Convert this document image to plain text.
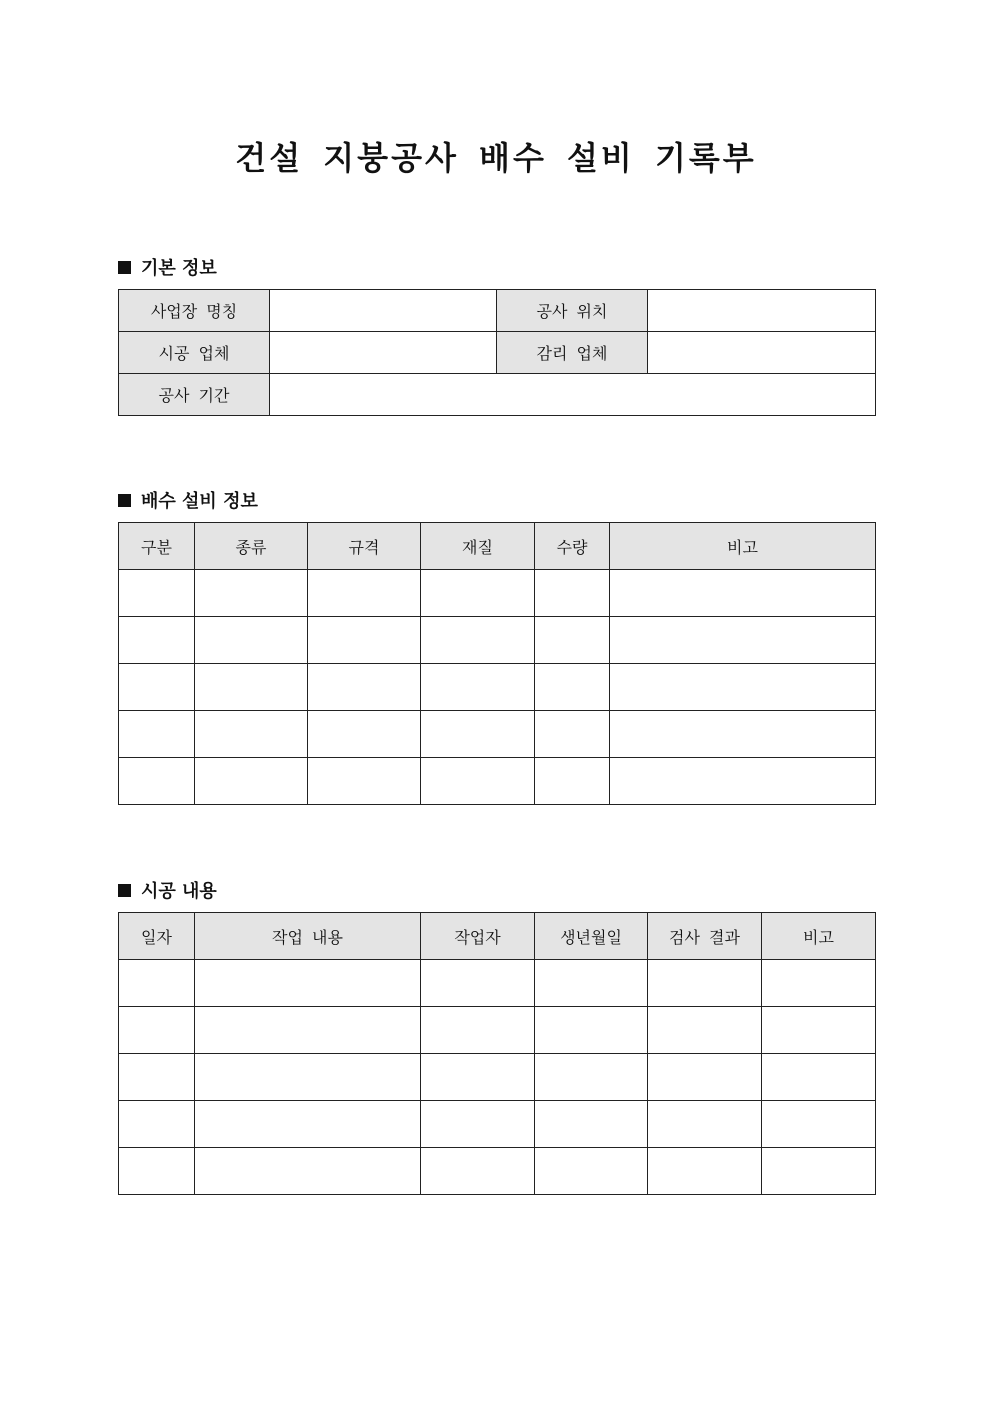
건설 지붕공사 배수 설비 기록부
기본 정보
사업장 명칭		공사 위치	
시공 업체		감리 업체	
공사 기간			
배수 설비 정보
구분	종류	규격	재질	수량	비고

시공 내용
일자	작업 내용	작업자	생년월일	검사 결과	비고
